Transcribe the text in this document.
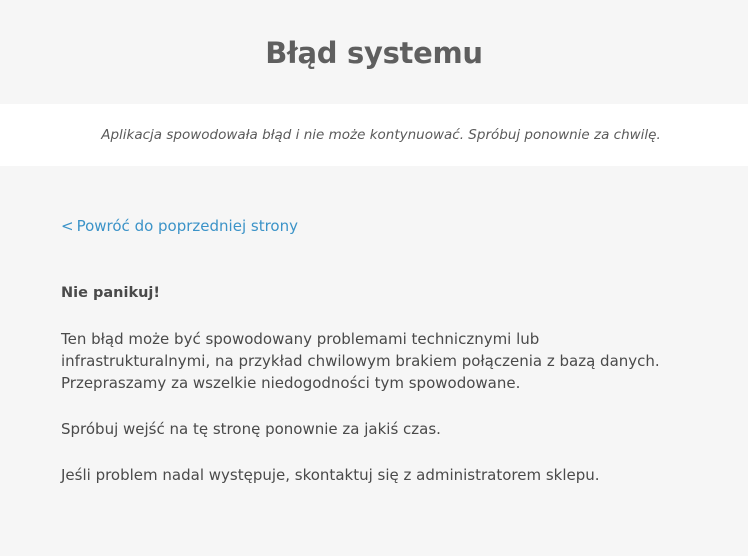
Błąd systemu

Aplikacja spowodowała błąd i nie może kontynuować. Spróbuj ponownie za chwilę.

< Powróć do poprzedniej strony

Nie panikuj!

Ten błąd może być spowodowany problemami technicznymi lub infrastrukturalnymi, na przykład chwilowym brakiem połączenia z bazą danych. Przepraszamy za wszelkie niedogodności tym spowodowane.

Spróbuj wejść na tę stronę ponownie za jakiś czas.

Jeśli problem nadal występuje, skontaktuj się z administratorem sklepu.
